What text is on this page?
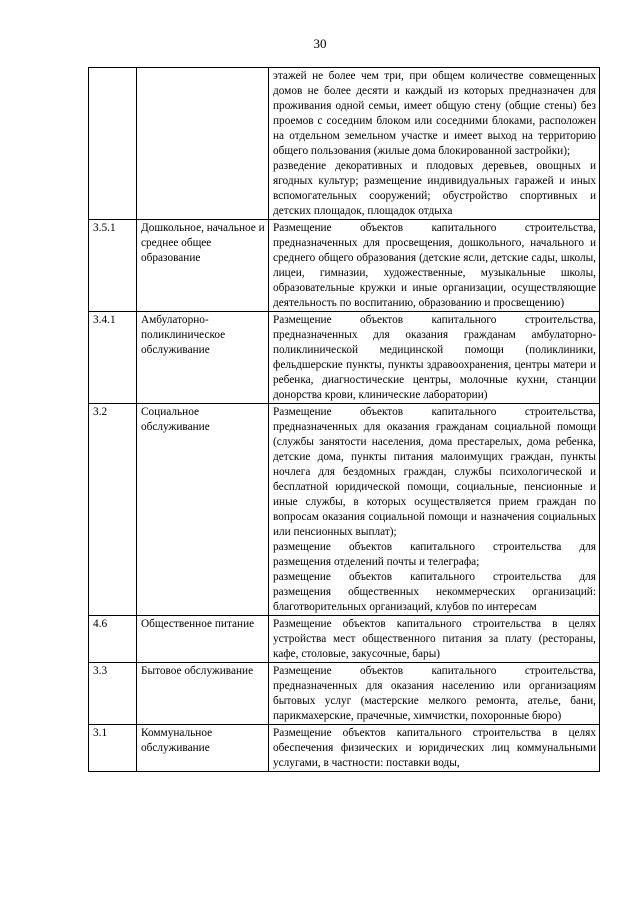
30

		этажей не более чем три, при общем количестве совмещенных домов не более десяти и каждый из которых предназначен для проживания одной семьи, имеет общую стену (общие стены) без проемов с соседним блоком или соседними блоками, расположен на отдельном земельном участке и имеет выход на территорию общего пользования (жилые дома блокированной застройки);

разведение декоративных и плодовых деревьев, овощных и ягодных культур; размещение индивидуальных гаражей и иных вспомогательных сооружений; обустройство спортивных и детских площадок, площадок отдыха

3.5.1	Дошкольное, начальное и среднее общее образование	Размещение объектов капитального строительства, предназначенных для просвещения, дошкольного, начального и среднего общего образования (детские ясли, детские сады, школы, лицеи, гимназии, художественные, музыкальные школы, образовательные кружки и иные организации, осуществляющие деятельность по воспитанию, образованию и просвещению)

3.4.1	Амбулаторно-поликлиническое обслуживание	Размещение объектов капитального строительства, предназначенных для оказания гражданам амбулаторно-поликлинической медицинской помощи (поликлиники, фельдшерские пункты, пункты здравоохранения, центры матери и ребенка, диагностические центры, молочные кухни, станции донорства крови, клинические лаборатории)

3.2	Социальное обслуживание	Размещение объектов капитального строительства, предназначенных для оказания гражданам социальной помощи (службы занятости населения, дома престарелых, дома ребенка, детские дома, пункты питания малоимущих граждан, пункты ночлега для бездомных граждан, службы психологической и бесплатной юридической помощи, социальные, пенсионные и иные службы, в которых осуществляется прием граждан по вопросам оказания социальной помощи и назначения социальных или пенсионных выплат);

размещение объектов капитального строительства для размещения отделений почты и телеграфа;

размещение объектов капитального строительства для размещения общественных некоммерческих организаций: благотворительных организаций, клубов по интересам

4.6	Общественное питание	Размещение объектов капитального строительства в целях устройства мест общественного питания за плату (рестораны, кафе, столовые, закусочные, бары)

3.3	Бытовое обслуживание	Размещение объектов капитального строительства, предназначенных для оказания населению или организациям бытовых услуг (мастерские мелкого ремонта, ателье, бани, парикмахерские, прачечные, химчистки, похоронные бюро)

3.1	Коммунальное обслуживание	Размещение объектов капитального строительства в целях обеспечения физических и юридических лиц коммунальными услугами, в частности: поставки воды,
